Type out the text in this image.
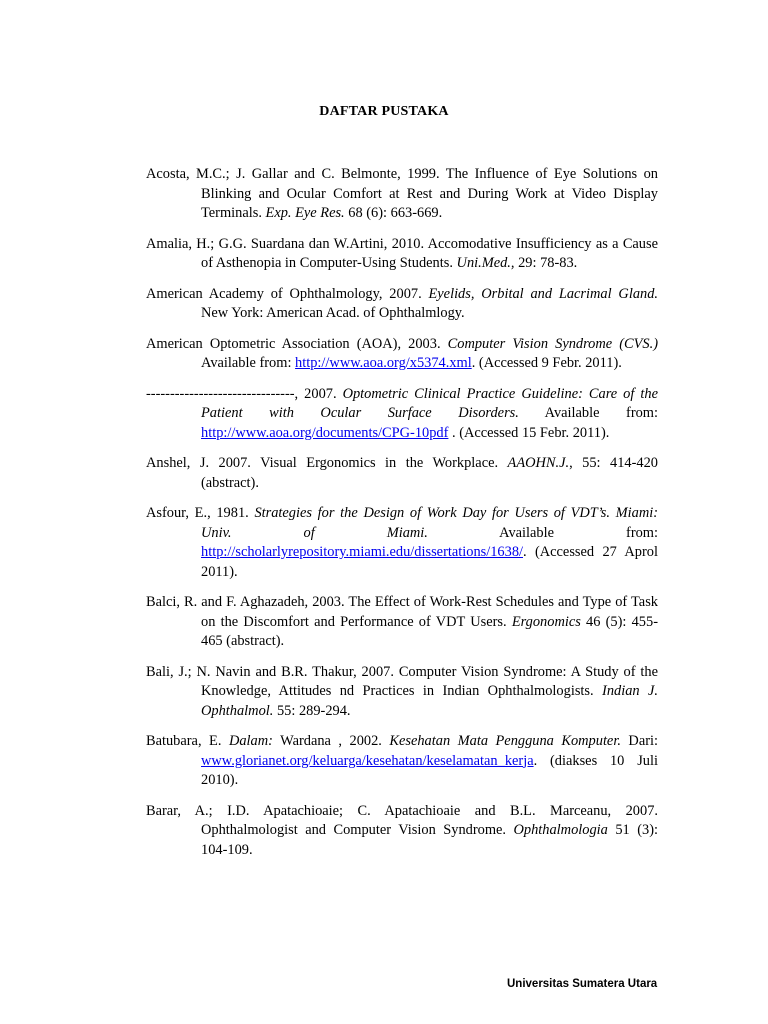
DAFTAR PUSTAKA

Acosta, M.C.; J. Gallar and C. Belmonte, 1999. The Influence of Eye Solutions on Blinking and Ocular Comfort at Rest and During Work at Video Display Terminals. Exp. Eye Res. 68 (6): 663-669.

Amalia, H.; G.G. Suardana dan W.Artini, 2010. Accomodative Insufficiency as a Cause of Asthenopia in Computer-Using Students. Uni.Med., 29: 78-83.

American Academy of Ophthalmology, 2007. Eyelids, Orbital and Lacrimal Gland. New York: American Acad. of Ophthalmlogy.

American Optometric Association (AOA), 2003. Computer Vision Syndrome (CVS.) Available from: http://www.aoa.org/x5374.xml. (Accessed 9 Febr. 2011).

-------------------------------, 2007. Optometric Clinical Practice Guideline: Care of the Patient with Ocular Surface Disorders. Available from: http://www.aoa.org/documents/CPG-10pdf . (Accessed 15 Febr. 2011).

Anshel, J. 2007. Visual Ergonomics in the Workplace. AAOHN.J., 55: 414-420 (abstract).

Asfour, E., 1981. Strategies for the Design of Work Day for Users of VDT’s. Miami: Univ. of Miami. Available from: http://scholarlyrepository.miami.edu/dissertations/1638/. (Accessed 27 Aprol 2011).

Balci, R. and F. Aghazadeh, 2003. The Effect of Work-Rest Schedules and Type of Task on the Discomfort and Performance of VDT Users. Ergonomics 46 (5): 455-465 (abstract).

Bali, J.; N. Navin and B.R. Thakur, 2007. Computer Vision Syndrome: A Study of the Knowledge, Attitudes nd Practices in Indian Ophthalmologists. Indian J. Ophthalmol. 55: 289-294.

Batubara, E. Dalam: Wardana , 2002. Kesehatan Mata Pengguna Komputer. Dari: www.glorianet.org/keluarga/kesehatan/keselamatan_kerja. (diakses 10 Juli 2010).

Barar, A.; I.D. Apatachioaie; C. Apatachioaie and B.L. Marceanu, 2007. Ophthalmologist and Computer Vision Syndrome. Ophthalmologia 51 (3): 104-109.

Universitas Sumatera Utara
